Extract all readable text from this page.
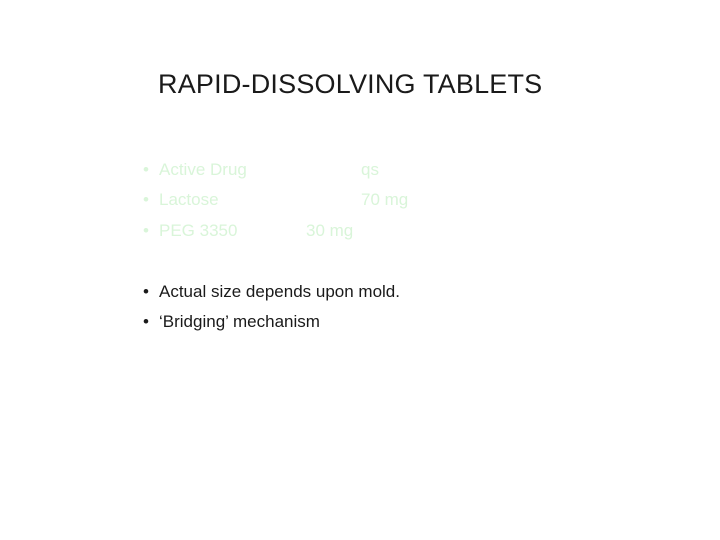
RAPID-DISSOLVING TABLETS
• Active Drug	qs
• Lactose	70 mg
• PEG 3350	30 mg
• Actual size depends upon mold.
• ‘Bridging’ mechanism
